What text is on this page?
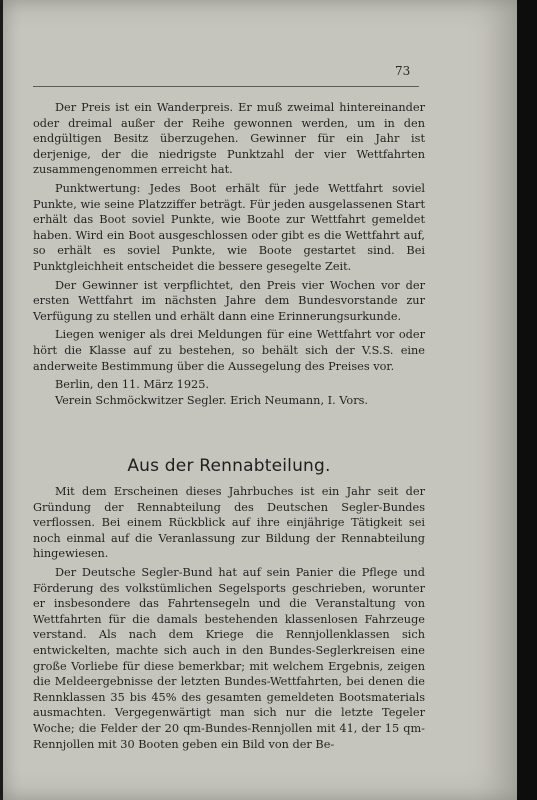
73

Der Preis ist ein Wanderpreis. Er muß zweimal hintereinander oder dreimal außer der Reihe gewonnen werden, um in den endgültigen Besitz überzugehen. Gewinner für ein Jahr ist derjenige, der die niedrigste Punktzahl der vier Wettfahrten zusammengenommen erreicht hat.

Punktwertung: Jedes Boot erhält für jede Wettfahrt soviel Punkte, wie seine Platzziffer beträgt. Für jeden ausgelassenen Start erhält das Boot soviel Punkte, wie Boote zur Wettfahrt gemeldet haben. Wird ein Boot ausgeschlossen oder gibt es die Wettfahrt auf, so erhält es soviel Punkte, wie Boote gestartet sind. Bei Punktgleichheit entscheidet die bessere gesegelte Zeit.

Der Gewinner ist verpflichtet, den Preis vier Wochen vor der ersten Wettfahrt im nächsten Jahre dem Bundesvorstande zur Verfügung zu stellen und erhält dann eine Erinnerungsurkunde.

Liegen weniger als drei Meldungen für eine Wettfahrt vor oder hört die Klasse auf zu bestehen, so behält sich der V.S.S. eine anderweite Bestimmung über die Aussegelung des Preises vor.

Berlin, den 11. März 1925.

Verein Schmöckwitzer Segler. Erich Neumann, I. Vors.

Aus der Rennabteilung.

Mit dem Erscheinen dieses Jahrbuches ist ein Jahr seit der Gründung der Rennabteilung des Deutschen Segler-Bundes verflossen. Bei einem Rückblick auf ihre einjährige Tätigkeit sei noch einmal auf die Veranlassung zur Bildung der Rennabteilung hingewiesen.

Der Deutsche Segler-Bund hat auf sein Panier die Pflege und Förderung des volkstümlichen Segelsports geschrieben, worunter er insbesondere das Fahrtensegeln und die Veranstaltung von Wettfahrten für die damals bestehenden klassenlosen Fahrzeuge verstand. Als nach dem Kriege die Rennjollenklassen sich entwickelten, machte sich auch in den Bundes-Seglerkreisen eine große Vorliebe für diese bemerkbar; mit welchem Ergebnis, zeigen die Meldeergebnisse der letzten Bundes-Wettfahrten, bei denen die Rennklassen 35 bis 45% des gesamten gemeldeten Bootsmaterials ausmachten. Vergegenwärtigt man sich nur die letzte Tegeler Woche; die Felder der 20 qm-Bundes-Rennjollen mit 41, der 15 qm-Rennjollen mit 30 Booten geben ein Bild von der Be-
